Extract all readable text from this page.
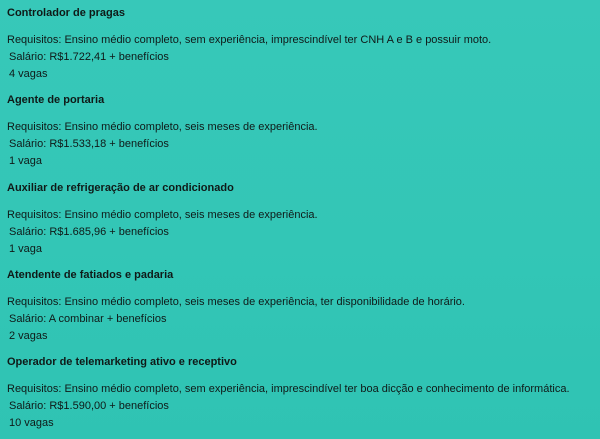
Controlador de pragas

Requisitos: Ensino médio completo, sem experiência, imprescindível ter CNH A e B e possuir moto.

Salário: R$1.722,41 + benefícios

4 vagas

Agente de portaria

Requisitos: Ensino médio completo, seis meses de experiência.

Salário: R$1.533,18 + benefícios

1 vaga

Auxiliar de refrigeração de ar condicionado

Requisitos: Ensino médio completo, seis meses de experiência.

Salário: R$1.685,96 + benefícios

1 vaga

Atendente de fatiados e padaria

Requisitos: Ensino médio completo, seis meses de experiência, ter disponibilidade de horário.

Salário: A combinar + benefícios

2 vagas

Operador de telemarketing ativo e receptivo

Requisitos: Ensino médio completo, sem experiência, imprescindível ter boa dicção e conhecimento de informática.

Salário: R$1.590,00 + benefícios

10 vagas
